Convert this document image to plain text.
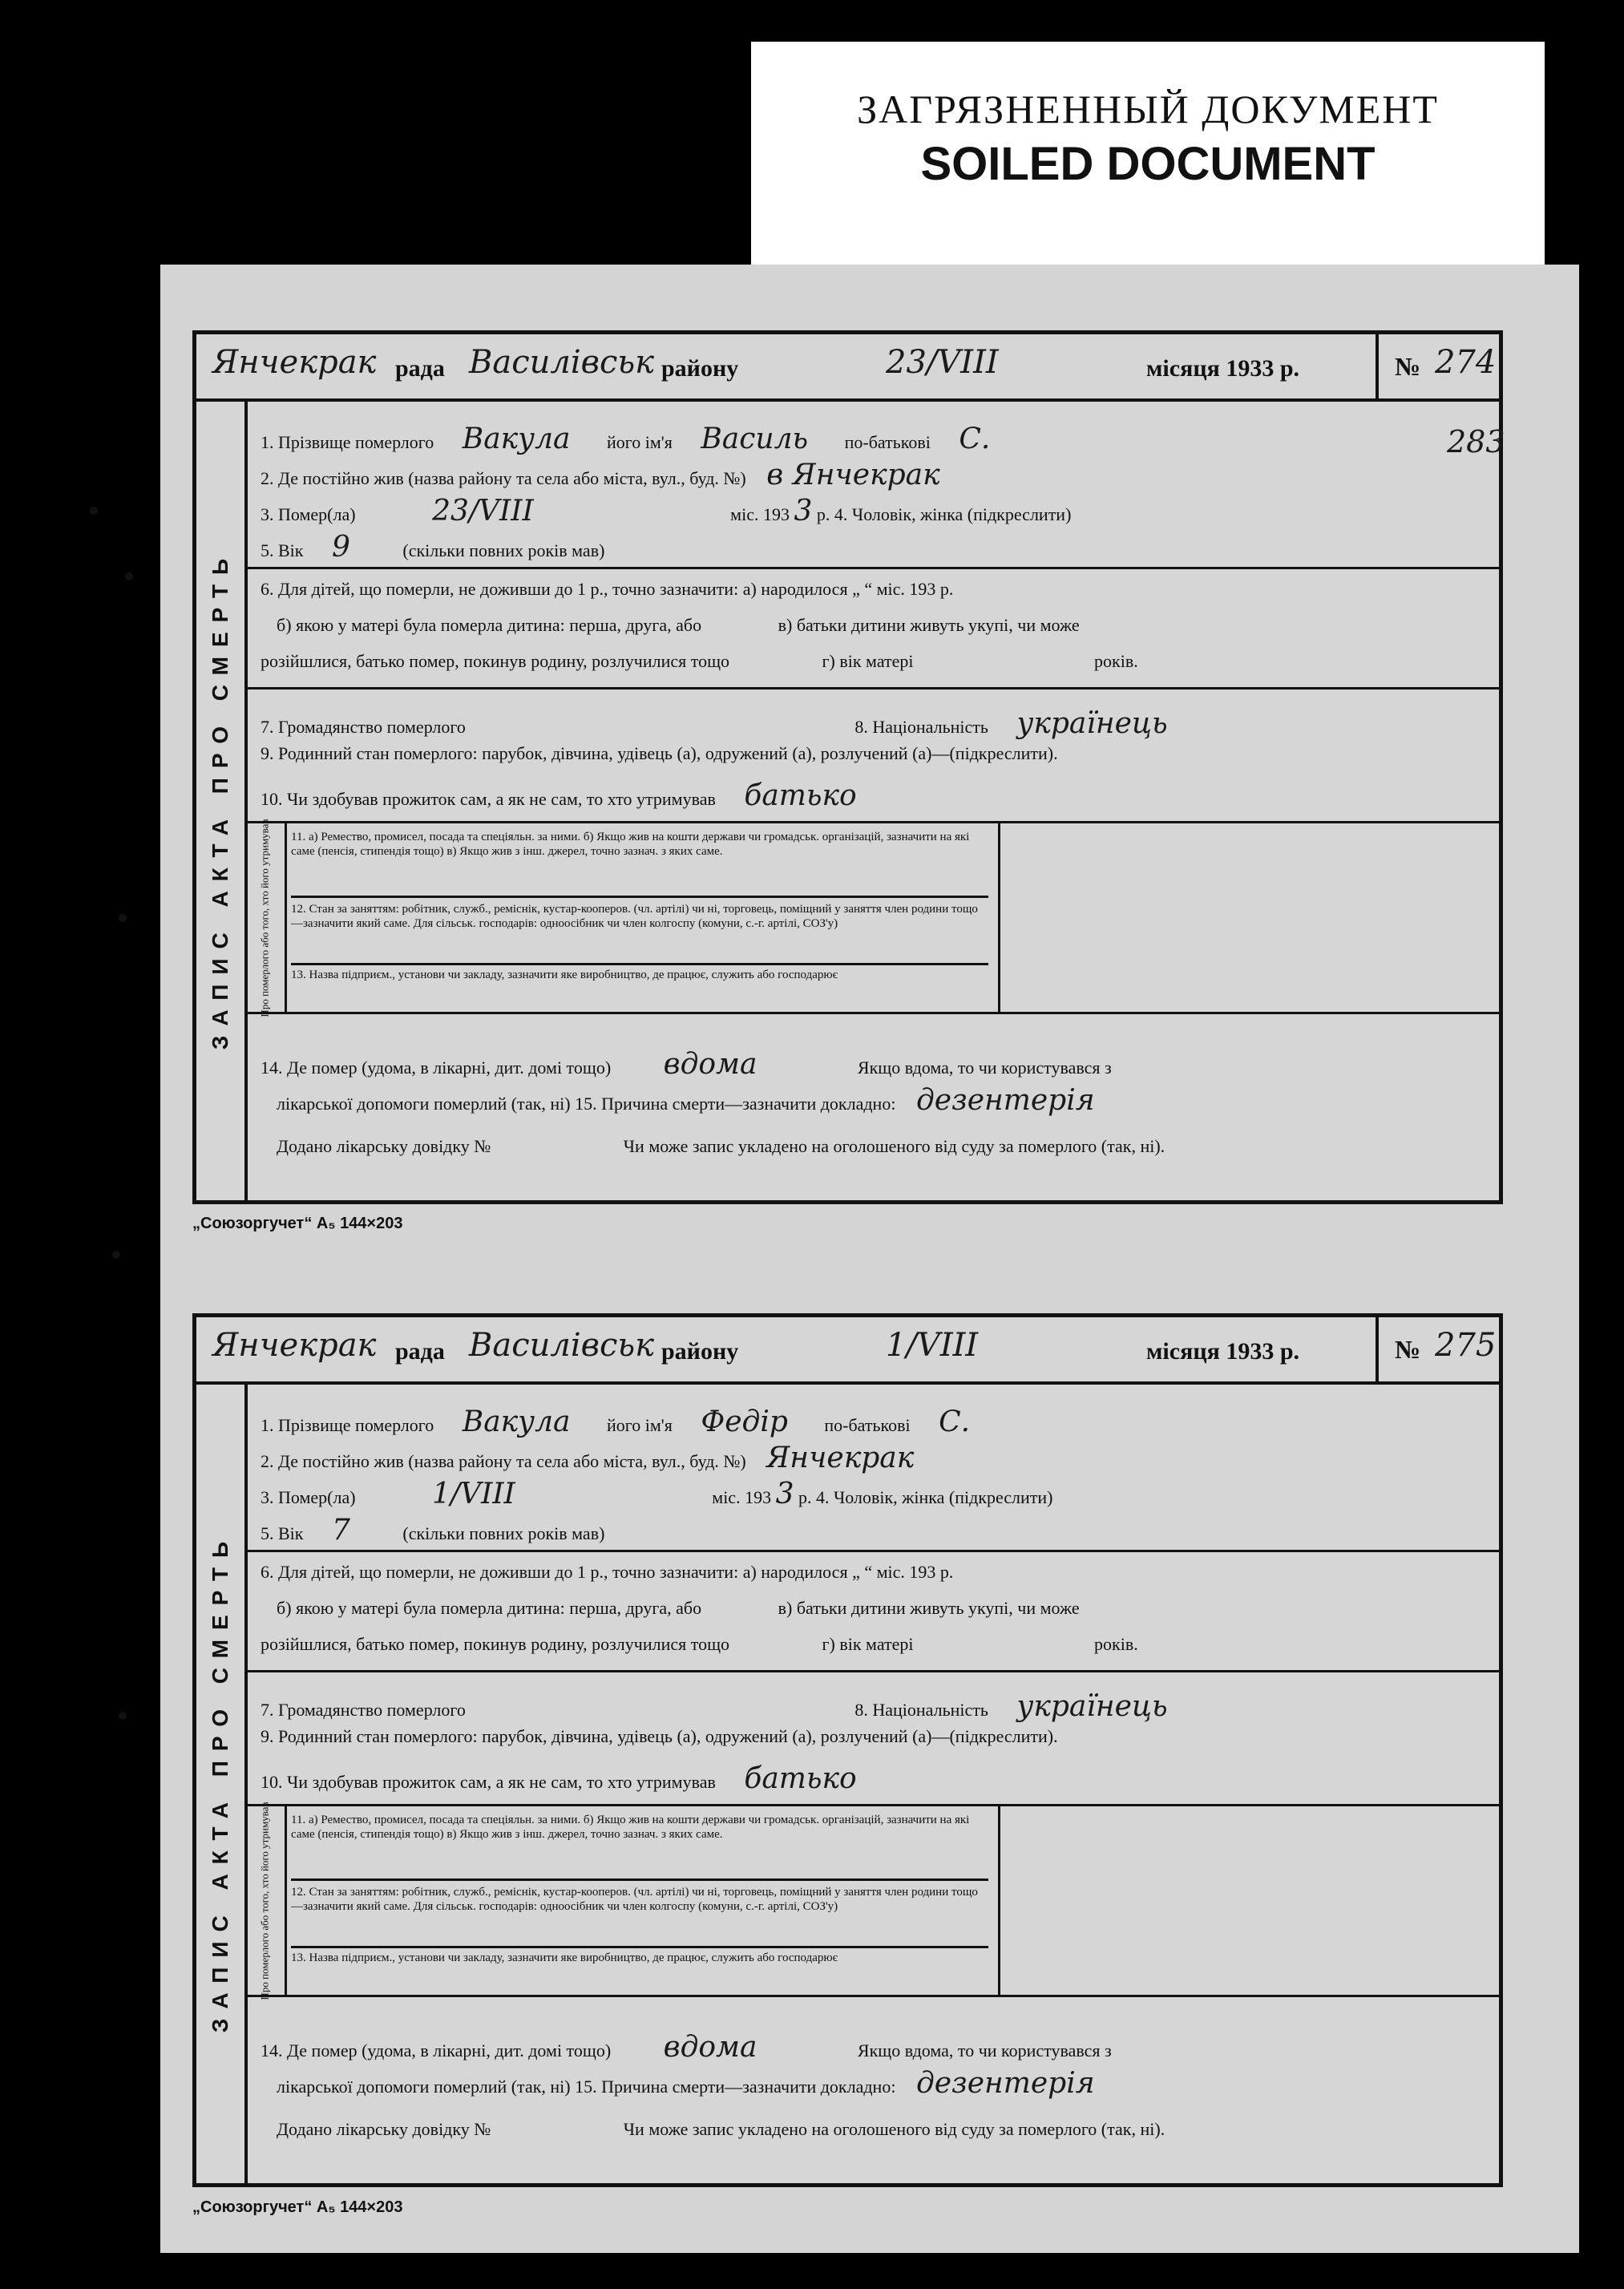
ЗАГРЯЗНЕННЫЙ ДОКУМЕНТ
SOILED DOCUMENT
Янчекрак рада Василівськ району	23/VIII	місяця 1933 р.	№ 274
283
ЗАПИС АКТА ПРО СМЕРТЬ
1. Прізвище померлого Вакула його ім'я Василь по-батькові С.
2. Де постійно жив (назва району та села або міста, вул., буд. №) в Янчекрак
3. Помер(ла)	23/VIII	міс. 193 3 р. 4. Чоловік, жінка (підкреслити)
5. Вік 9	(скільки повних років мав)
6. Для дітей, що померли, не доживши до 1 р., точно зазначити: а) народилося „ “ міс. 193 р.
б) якою у матері була померла дитина: перша, друга, або	в) батьки дитини живуть укупі, чи може
розійшлися, батько помер, покинув родину, розлучилися тощо	г) вік матері	років.
7. Громадянство померлого	8. Національність українець
9. Родинний стан померлого: парубок, дівчина, удівець (а), одружений (а), розлучений (а)—(підкреслити).
10. Чи здобував прожиток сам, а як не сам, то хто утримував батько
Про померлого або того, хто його утримував 11. а) Ремество, промисел, посада та спеціяльн. за ними. б) Якщо жив на кошти держави чи громадськ. організацій, зазначити на які саме (пенсія, стипендія тощо) в) Якщо жив з інш. джерел, точно зазнач. з яких саме.
12. Стан за заняттям: робітник, служб., реміснік, кустар-кооперов. (чл. артілі) чи ні, торговець, поміщний у заняття член родини тощо—зазначити який саме. Для сільськ. господарів: одноосібник чи член колгоспу (комуни, с.-г. артілі, СОЗ'у)
13. Назва підприєм., установи чи закладу, зазначити яке виробництво, де працює, служить або господарює
14. Де помер (удома, в лікарні, дит. домі тощо) вдома	Якщо вдома, то чи користувався з
лікарської допомоги померлий (так, ні) 15. Причина смерти—зазначити докладно: дезентерія
Додано лікарську довідку №	Чи може запис укладено на оголошеного від суду за померлого (так, ні).
„Союзоргучет“ А₅ 144×203
Янчекрак рада Василівськ району	1/VIII	місяця 1933 р.	№ 275
ЗАПИС АКТА ПРО СМЕРТЬ
1. Прізвище померлого Вакула його ім'я Федір по-батькові С.
2. Де постійно жив (назва району та села або міста, вул., буд. №) Янчекрак
3. Помер(ла)	1/VIII	міс. 193 3 р. 4. Чоловік, жінка (підкреслити)
5. Вік 7	(скільки повних років мав)
6. Для дітей, що померли, не доживши до 1 р., точно зазначити: а) народилося „ “ міс. 193 р.
б) якою у матері була померла дитина: перша, друга, або	в) батьки дитини живуть укупі, чи може
розійшлися, батько помер, покинув родину, розлучилися тощо	г) вік матері	років.
7. Громадянство померлого	8. Національність українець
9. Родинний стан померлого: парубок, дівчина, удівець (а), одружений (а), розлучений (а)—(підкреслити).
10. Чи здобував прожиток сам, а як не сам, то хто утримував батько
Про померлого або того, хто його утримував 11. а) Ремество, промисел, посада та спеціяльн. за ними. б) Якщо жив на кошти держави чи громадськ. організацій, зазначити на які саме (пенсія, стипендія тощо) в) Якщо жив з інш. джерел, точно зазнач. з яких саме.
12. Стан за заняттям: робітник, служб., реміснік, кустар-кооперов. (чл. артілі) чи ні, торговець, поміщний у заняття член родини тощо—зазначити який саме. Для сільськ. господарів: одноосібник чи член колгоспу (комуни, с.-г. артілі, СОЗ'у)
13. Назва підприєм., установи чи закладу, зазначити яке виробництво, де працює, служить або господарює
14. Де помер (удома, в лікарні, дит. домі тощо) вдома	Якщо вдома, то чи користувався з
лікарської допомоги померлий (так, ні) 15. Причина смерти—зазначити докладно: дезентерія
Додано лікарську довідку №	Чи може запис укладено на оголошеного від суду за померлого (так, ні).
„Союзоргучет“ А₅ 144×203
